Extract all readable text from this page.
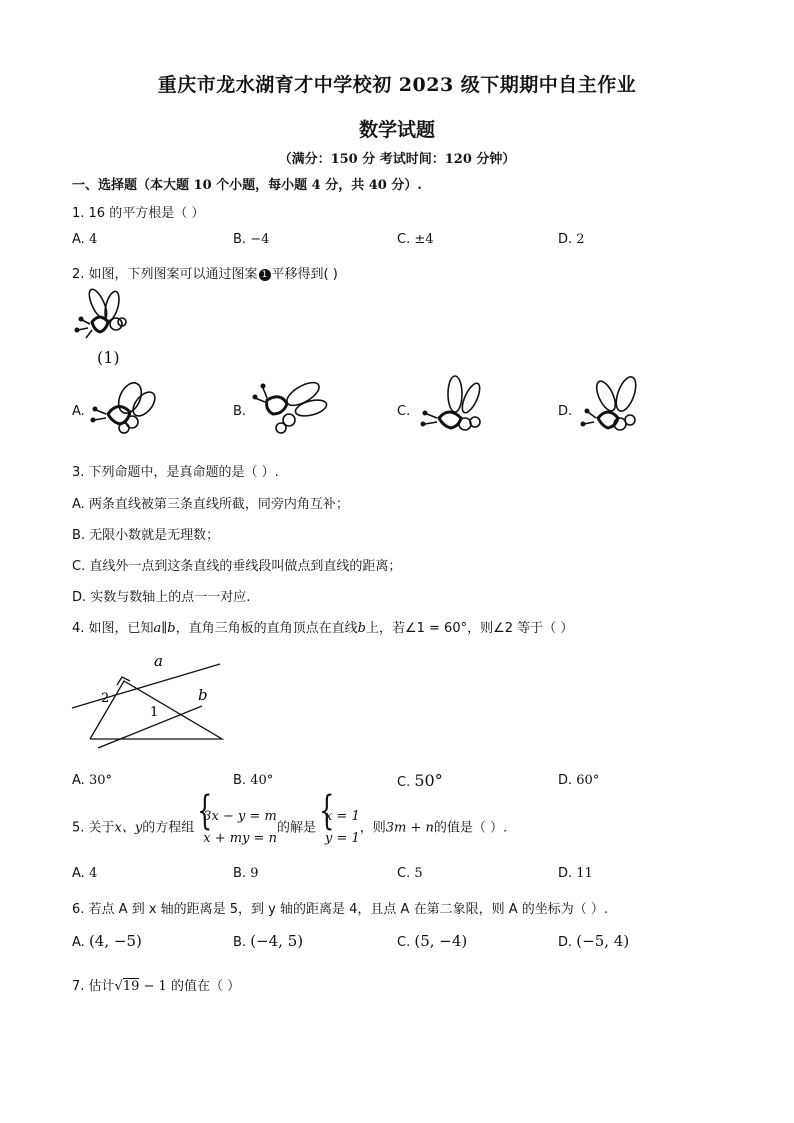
重庆市龙水湖育才中学校初 2023 级下期期中自主作业
数学试题
（满分：150 分 考试时间：120 分钟）
一、选择题（本大题 10 个小题，每小题 4 分，共 40 分）.
1. 16 的平方根是（ ）
A. 4	B. −4	C. ±4	D. 2
2. 如图，下列图案可以通过图案 1 平移得到( )
(1)
A.	B.	C.	D.
3. 下列命题中，是真命题的是（ ）.
A. 两条直线被第三条直线所截，同旁内角互补；
B. 无限小数就是无理数；
C. 直线外一点到这条直线的垂线段叫做点到直线的距离；
D. 实数与数轴上的点一一对应.
4. 如图，已知a∥b，直角三角板的直角顶点在直线b上，若∠1 = 60°，则∠2 等于（ ）
a
b
1
2
A. 30°	B. 40°	C. 50°	D. 60°
5. 关于x、y的方程组
{ 3x − y = m
x + my = n
的解是
{ x = 1
y = 1
，则3m + n的值是（ ）.
A. 4	B. 9	C. 5	D. 11
6. 若点 A 到 x 轴的距离是 5，到 y 轴的距离是 4，且点 A 在第二象限，则 A 的坐标为（ ）.
A. (4, −5)	B. (−4, 5)	C. (5, −4)	D. (−5, 4)
7. 估计√19 − 1 的值在（ ）
